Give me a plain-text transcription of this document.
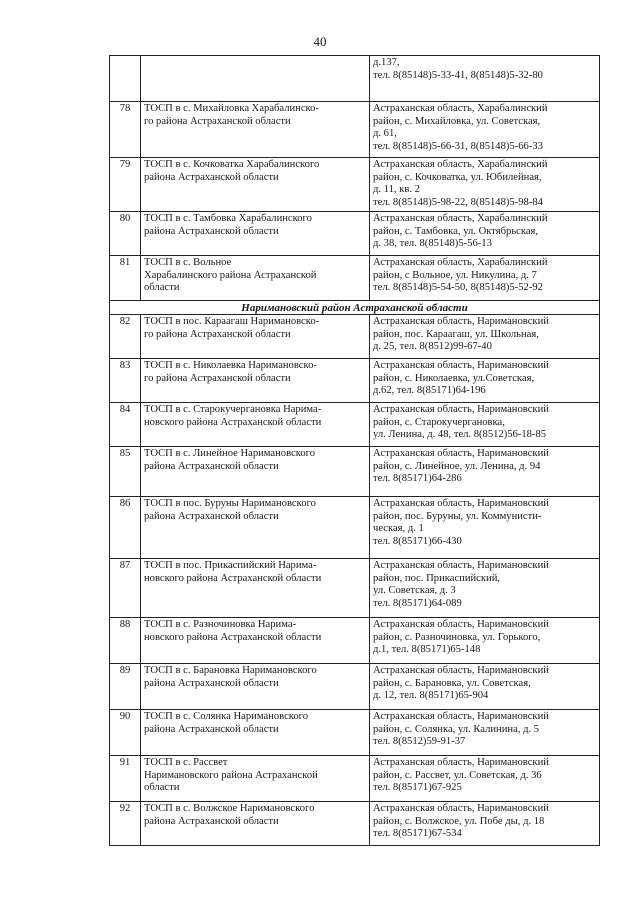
40

		д.137,
тел. 8(85148)5-33-41, 8(85148)5-32-80

78	ТОСП в с. Михайловка Харабалинско-
го района Астраханской области	Астраханская область, Харабалинский
район, с. Михайловка, ул. Советская,
д. 61,
тел. 8(85148)5-66-31, 8(85148)5-66-33

79	ТОСП в с. Кочковатка Харабалинского
района Астраханской области	Астраханская область, Харабалинский
район, с. Кочковатка, ул. Юбилейная,
д. 11, кв. 2
тел. 8(85148)5-98-22, 8(85148)5-98-84

80	ТОСП в с. Тамбовка Харабалинского
района Астраханской области	Астраханская область, Харабалинский
район, с. Тамбовка, ул. Октябрьская,
д. 38, тел. 8(85148)5-56-13

81	ТОСП в с. Вольное
Харабалинского района Астраханской
области	Астраханская область, Харабалинский
район, с Вольное, ул. Никулина, д. 7
тел. 8(85148)5-54-50, 8(85148)5-52-92

Наримановский район Астраханской области		
82	ТОСП в пос. Караагаш Наримановско-
го района Астраханской области	Астраханская область, Наримановский
район, пос. Караагаш, ул. Школьная,
д. 25, тел. 8(8512)99-67-40

83	ТОСП в с. Николаевка Наримановско-
го района Астраханской области	Астраханская область, Наримановский
район, с. Николаевка, ул.Советская,
д.62, тел. 8(85171)64-196

84	ТОСП в с. Старокучергановка Нарима-
новского района Астраханской области	Астраханская область, Наримановский
район, с. Старокучергановка,
ул. Ленина, д. 48, тел. 8(8512)56-18-85

85	ТОСП в с. Линейное Наримановского
района Астраханской области	Астраханская область, Наримановский
район, с. Линейное, ул. Ленина, д. 94
тел. 8(85171)64-286

86	ТОСП в пос. Буруны Наримановского
района Астраханской области	Астраханская область, Наримановский
район, пос. Буруны, ул. Коммунисти-
ческая, д. 1
тел. 8(85171)66-430

87	ТОСП в пос. Прикаспийский Нарима-
новского района Астраханской области	Астраханская область, Наримановский
район, пос. Прикаспийский,
ул. Советская, д. 3
тел. 8(85171)64-089

88	ТОСП в с. Разночиновка Нарима-
новского района Астраханской области	Астраханская область, Наримановский
район, с. Разночиновка, ул. Горького,
д.1, тел. 8(85171)65-148

89	ТОСП в с. Барановка Наримановского
района Астраханской области	Астраханская область, Наримановский
район, с. Барановка, ул. Советская,
д. 12, тел. 8(85171)65-904

90	ТОСП в с. Солянка Наримановского
района Астраханской области	Астраханская область, Наримановский
район, с. Солянка, ул. Калинина, д. 5
тел. 8(8512)59-91-37

91	ТОСП в с. Рассвет
Наримановского района Астраханской
области	Астраханская область, Наримановский
район, с. Рассвет, ул. Советская, д. 36
тел. 8(85171)67-925

92	ТОСП в с. Волжское Наримановского
района Астраханской области	Астраханская область, Наримановский
район, с. Волжское, ул. Побе ды, д. 18
тел. 8(85171)67-534
